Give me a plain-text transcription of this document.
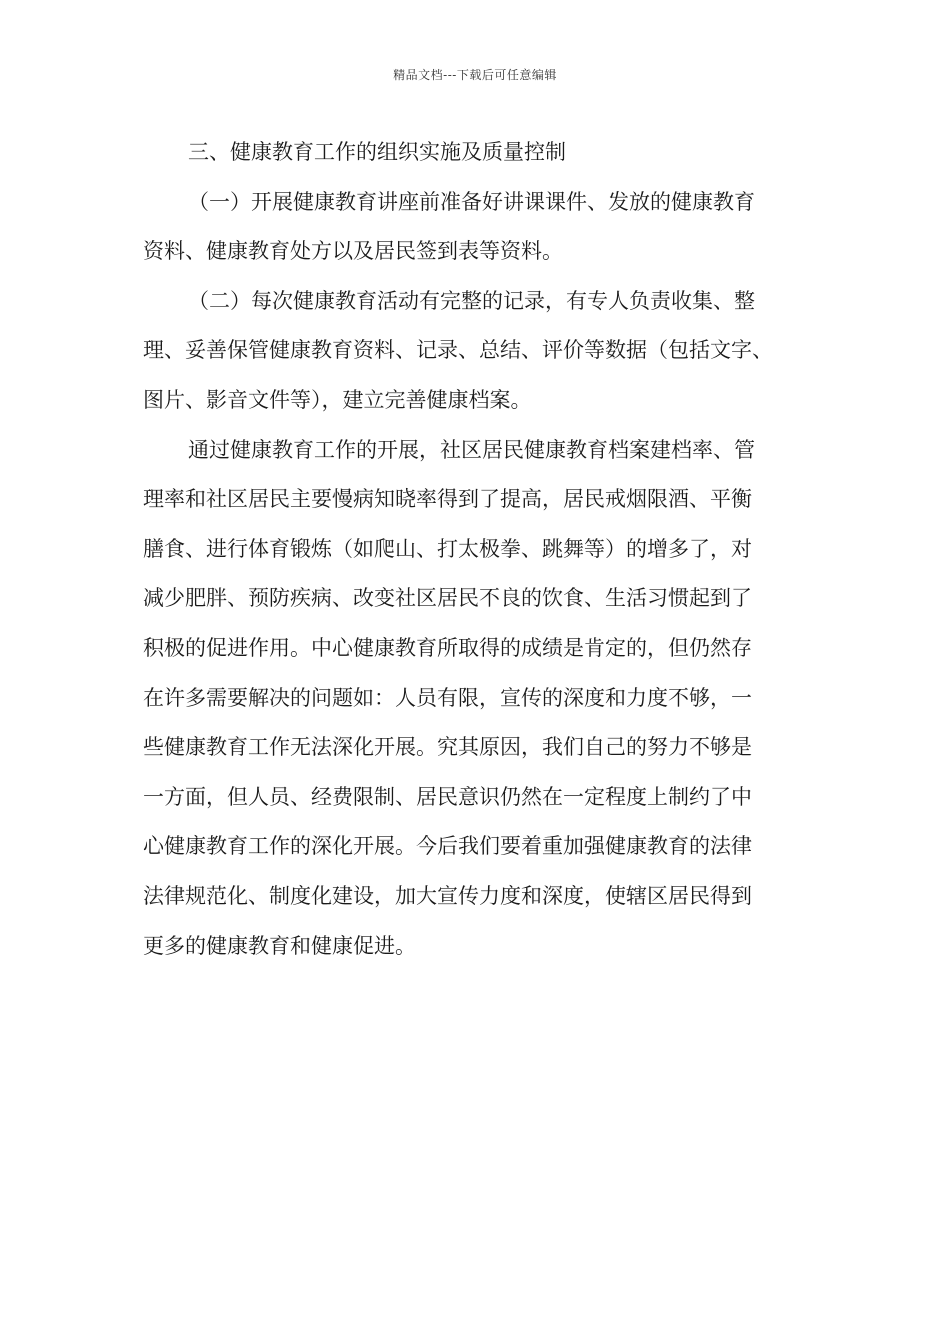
精品文档---下载后可任意编辑
三、健康教育工作的组织实施及质量控制
（一）开展健康教育讲座前准备好讲课课件、发放的健康教育
资料、健康教育处方以及居民签到表等资料。
（二）每次健康教育活动有完整的记录，有专人负责收集、整
理、妥善保管健康教育资料、记录、总结、评价等数据（包括文字、
图片、影音文件等），建立完善健康档案。
通过健康教育工作的开展，社区居民健康教育档案建档率、管
理率和社区居民主要慢病知晓率得到了提高，居民戒烟限酒、平衡
膳食、进行体育锻炼（如爬山、打太极拳、跳舞等）的增多了，对
减少肥胖、预防疾病、改变社区居民不良的饮食、生活习惯起到了
积极的促进作用。中心健康教育所取得的成绩是肯定的，但仍然存
在许多需要解决的问题如：人员有限，宣传的深度和力度不够，一
些健康教育工作无法深化开展。究其原因，我们自己的努力不够是
一方面，但人员、经费限制、居民意识仍然在一定程度上制约了中
心健康教育工作的深化开展。今后我们要着重加强健康教育的法律
法律规范化、制度化建设，加大宣传力度和深度，使辖区居民得到
更多的健康教育和健康促进。
